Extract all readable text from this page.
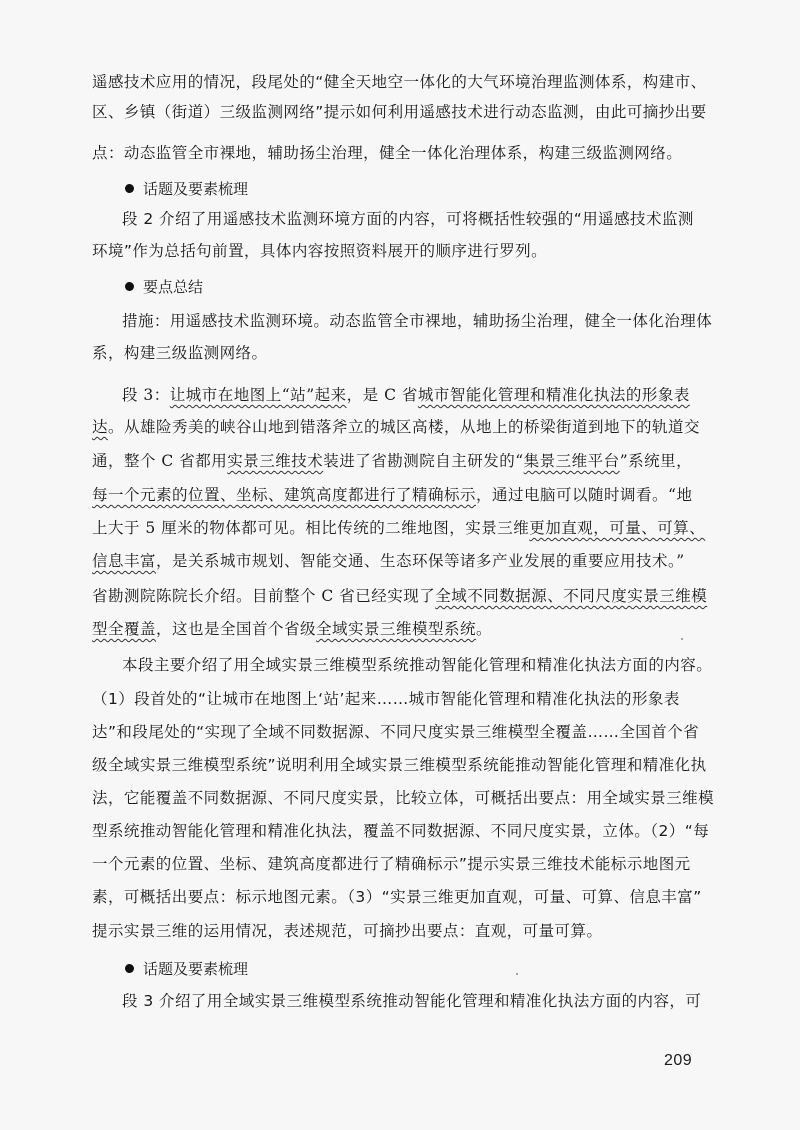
遥感技术应用的情况，段尾处的“健全天地空一体化的大气环境治理监测体系，构建市、
区、乡镇（街道）三级监测网络”提示如何利用遥感技术进行动态监测，由此可摘抄出要
点：动态监管全市裸地，辅助扬尘治理，健全一体化治理体系，构建三级监测网络。
话题及要素梳理
段 2 介绍了用遥感技术监测环境方面的内容，可将概括性较强的“用遥感技术监测
环境”作为总括句前置，具体内容按照资料展开的顺序进行罗列。
要点总结
措施：用遥感技术监测环境。动态监管全市裸地，辅助扬尘治理，健全一体化治理体
系，构建三级监测网络。
段 3：让城市在地图上“站”起来，是 C 省城市智能化管理和精准化执法的形象表
达。从雄险秀美的峡谷山地到错落斧立的城区高楼，从地上的桥梁街道到地下的轨道交
通，整个 C 省都用实景三维技术装进了省勘测院自主研发的“集景三维平台”系统里，
每一个元素的位置、坐标、建筑高度都进行了精确标示，通过电脑可以随时调看。“地
上大于 5 厘米的物体都可见。相比传统的二维地图，实景三维更加直观，可量、可算、
信息丰富，是关系城市规划、智能交通、生态环保等诸多产业发展的重要应用技术。”
省勘测院陈院长介绍。目前整个 C 省已经实现了全域不同数据源、不同尺度实景三维模
型全覆盖，这也是全国首个省级全域实景三维模型系统。
本段主要介绍了用全域实景三维模型系统推动智能化管理和精准化执法方面的内容。
（1）段首处的“让城市在地图上‘站’起来……城市智能化管理和精准化执法的形象表
达”和段尾处的“实现了全域不同数据源、不同尺度实景三维模型全覆盖……全国首个省
级全域实景三维模型系统”说明利用全域实景三维模型系统能推动智能化管理和精准化执
法，它能覆盖不同数据源、不同尺度实景，比较立体，可概括出要点：用全域实景三维模
型系统推动智能化管理和精准化执法，覆盖不同数据源、不同尺度实景，立体。（2）“每
一个元素的位置、坐标、建筑高度都进行了精确标示”提示实景三维技术能标示地图元
素，可概括出要点：标示地图元素。（3）“实景三维更加直观，可量、可算、信息丰富”
提示实景三维的运用情况，表述规范，可摘抄出要点：直观，可量可算。
话题及要素梳理
段 3 介绍了用全域实景三维模型系统推动智能化管理和精准化执法方面的内容，可
209
